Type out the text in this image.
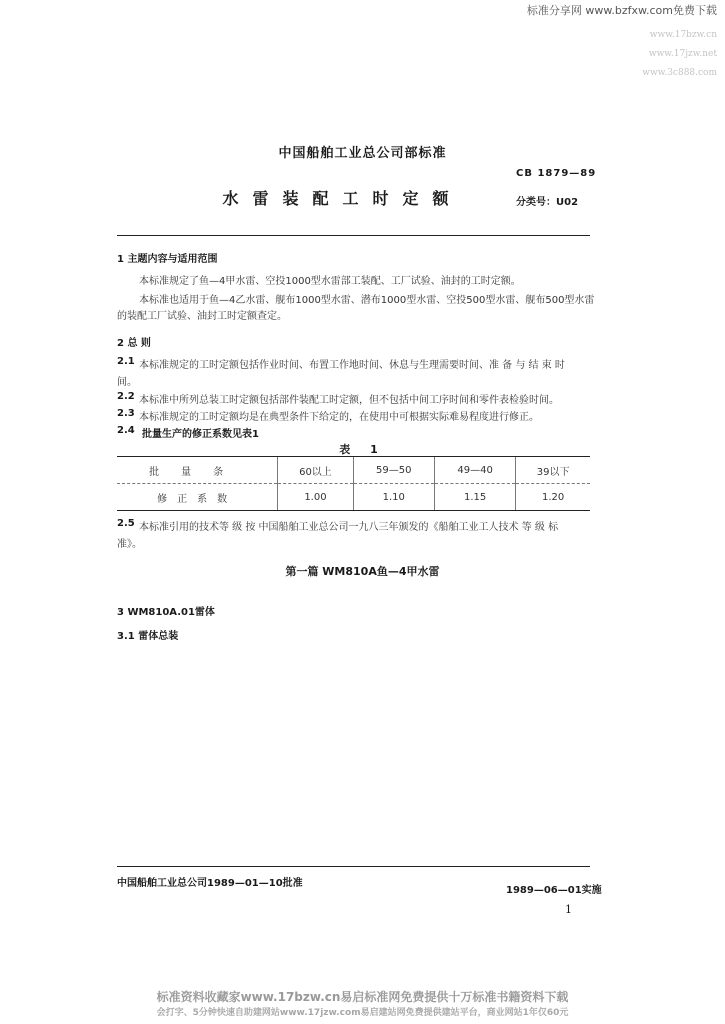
标准分享网 www.bzfxw.com免费下载
www.17bzw.cn
www.17jzw.net
www.3c888.com
中国船舶工业总公司部标准
CB 1879—89
水雷装配工时定额	分类号：U02
1 主题内容与适用范围
本标准规定了鱼—4甲水雷、空投1000型水雷部工装配、工厂试验、油封的工时定额。
本标准也适用于鱼—4乙水雷、舰布1000型水雷、潜布1000型水雷、空投500型水雷、舰布500型水雷
的装配工厂试验、油封工时定额查定。
2 总 则
2.1 本标准规定的工时定额包括作业时间、布置工作地时间、休息与生理需要时间、准 备 与 结 束 时
间。
2.2 本标准中所列总装工时定额包括部件装配工时定额，但不包括中间工序时间和零件表检验时间。
2.3 本标准规定的工时定额均是在典型条件下给定的，在使用中可根据实际难易程度进行修正。
2.4 批量生产的修正系数见表1
表 1
批量条	60以上	59—50	49—40	39以下
修正系数	1.00	1.10	1.15	1.20
2.5 本标准引用的技术等 级 按 中国船舶工业总公司一九八三年颁发的《船舶工业工人技术 等 级 标
准》。
第一篇 WM810A鱼—4甲水雷
3 WM810A.01雷体
3.1 雷体总装
中国船舶工业总公司1989—01—10批准
1989—06—01实施
1
标准资料收藏家www.17bzw.cn易启标准网免费提供十万标准书籍资料下载
会打字、5分钟快速自助建网站www.17jzw.com易启建站网免费提供建站平台，商业网站1年仅60元
